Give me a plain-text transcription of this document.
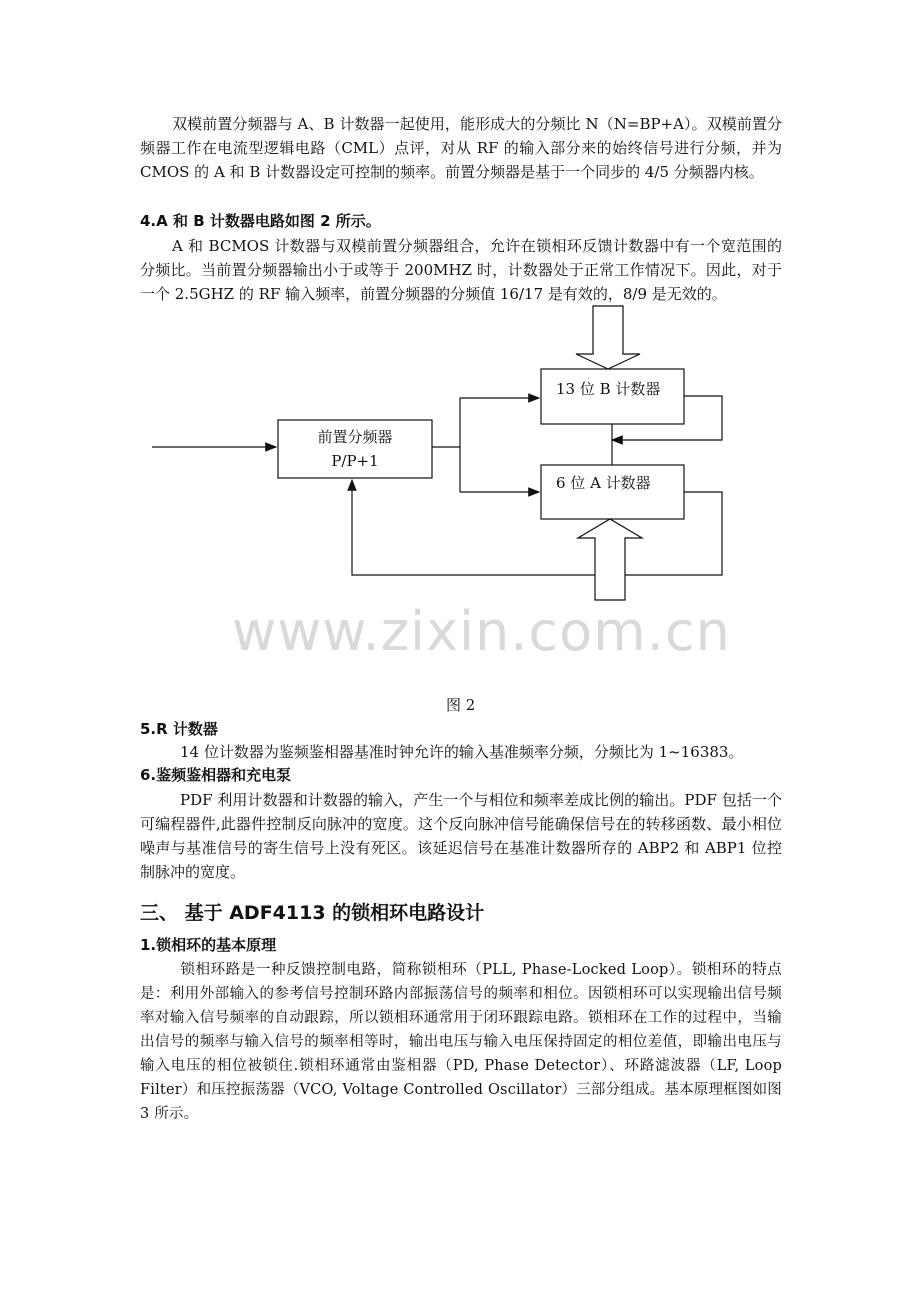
双模前置分频器与 A、B 计数器一起使用，能形成大的分频比 N（N=BP+A）。双模前置分频器工作在电流型逻辑电路（CML）点评，对从 RF 的输入部分来的始终信号进行分频，并为 CMOS 的 A 和 B 计数器设定可控制的频率。前置分频器是基于一个同步的 4/5 分频器内核。

4.A 和 B 计数器电路如图 2 所示。

A 和 BCMOS 计数器与双模前置分频器组合，允许在锁相环反馈计数器中有一个宽范围的分频比。当前置分频器输出小于或等于 200MHZ 时，计数器处于正常工作情况下。因此，对于一个 2.5GHZ 的 RF 输入频率，前置分频器的分频值 16/17 是有效的，8/9 是无效的。

www.zixin.com.cn
前置分频器
P/P+1
13 位 B 计数器
6 位 A 计数器
图 2

5.R 计数器

14 位计数器为鉴频鉴相器基准时钟允许的输入基准频率分频，分频比为 1~16383。

6.鉴频鉴相器和充电泵

PDF 利用计数器和计数器的输入，产生一个与相位和频率差成比例的输出。PDF 包括一个可编程器件,此器件控制反向脉冲的宽度。这个反向脉冲信号能确保信号在的转移函数、最小相位噪声与基准信号的寄生信号上没有死区。该延迟信号在基准计数器所存的 ABP2 和 ABP1 位控制脉冲的宽度。

三、 基于 ADF4113 的锁相环电路设计

1.锁相环的基本原理

锁相环路是一种反馈控制电路，简称锁相环（PLL, Phase-Locked Loop）。锁相环的特点是：利用外部输入的参考信号控制环路内部振荡信号的频率和相位。因锁相环可以实现输出信号频率对输入信号频率的自动跟踪，所以锁相环通常用于闭环跟踪电路。锁相环在工作的过程中，当输出信号的频率与输入信号的频率相等时，输出电压与输入电压保持固定的相位差值，即输出电压与输入电压的相位被锁住.锁相环通常由鉴相器（PD, Phase Detector）、环路滤波器（LF, Loop Filter）和压控振荡器（VCO, Voltage Controlled Oscillator）三部分组成。基本原理框图如图 3 所示。
